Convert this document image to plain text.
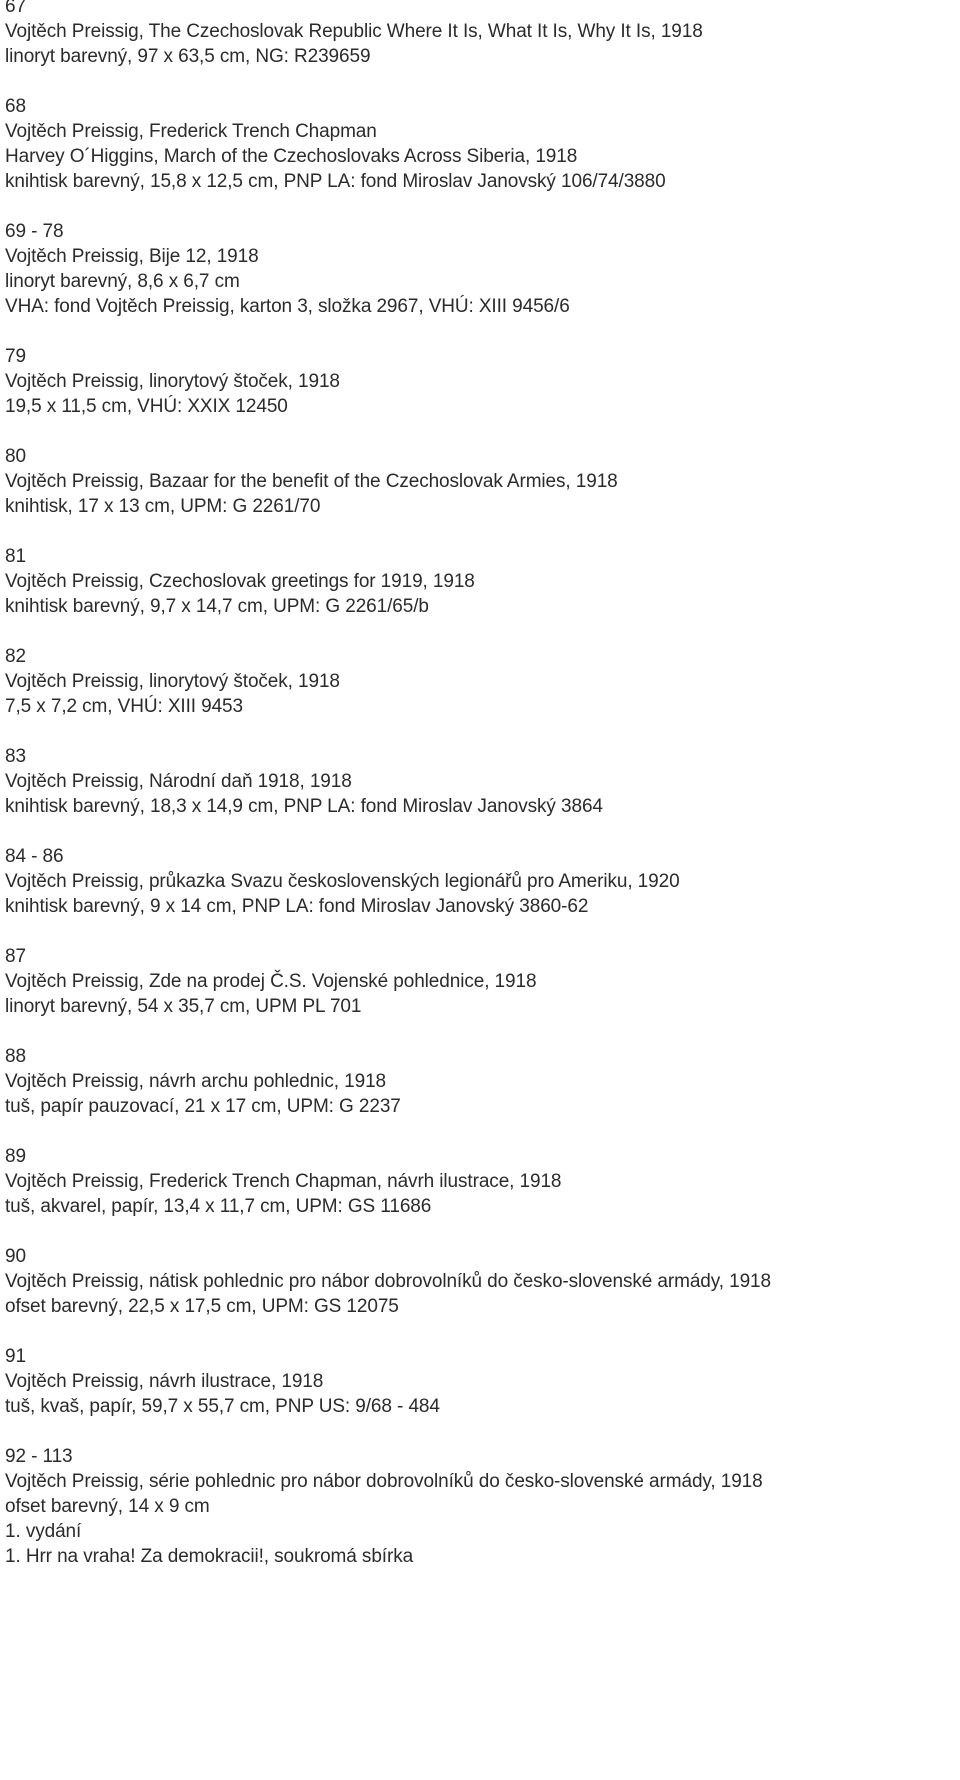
67
Vojtěch Preissig, The Czechoslovak Republic Where It Is, What It Is, Why It Is, 1918
linoryt barevný, 97 x 63,5 cm, NG: R239659
68
Vojtěch Preissig, Frederick Trench Chapman
Harvey O´Higgins, March of the Czechoslovaks Across Siberia, 1918
knihtisk barevný, 15,8 x 12,5 cm, PNP LA: fond Miroslav Janovský 106/74/3880
69 - 78
Vojtěch Preissig, Bije 12, 1918
linoryt barevný, 8,6 x 6,7 cm
VHA: fond Vojtěch Preissig, karton 3, složka 2967, VHÚ: XIII 9456/6
79
Vojtěch Preissig, linorytový štoček, 1918
19,5 x 11,5 cm, VHÚ: XXIX 12450
80
Vojtěch Preissig, Bazaar for the benefit of the Czechoslovak Armies, 1918
knihtisk, 17 x 13 cm, UPM: G 2261/70
81
Vojtěch Preissig, Czechoslovak greetings for 1919, 1918
knihtisk barevný, 9,7 x 14,7 cm, UPM: G 2261/65/b
82
Vojtěch Preissig, linorytový štoček, 1918
7,5 x 7,2 cm, VHÚ: XIII 9453
83
Vojtěch Preissig, Národní daň 1918, 1918
knihtisk barevný, 18,3 x 14,9 cm, PNP LA: fond Miroslav Janovský 3864
84 - 86
Vojtěch Preissig, průkazka Svazu československých legionářů pro Ameriku, 1920
knihtisk barevný, 9 x 14 cm, PNP LA: fond Miroslav Janovský 3860-62
87
Vojtěch Preissig, Zde na prodej Č.S. Vojenské pohlednice, 1918
linoryt barevný, 54 x 35,7 cm, UPM PL 701
88
Vojtěch Preissig, návrh archu pohlednic, 1918
tuš, papír pauzovací, 21 x 17 cm, UPM: G 2237
89
Vojtěch Preissig, Frederick Trench Chapman, návrh ilustrace, 1918
tuš, akvarel, papír, 13,4 x 11,7 cm, UPM: GS 11686
90
Vojtěch Preissig, nátisk pohlednic pro nábor dobrovolníků do česko-slovenské armády, 1918
ofset barevný, 22,5 x 17,5 cm, UPM: GS 12075
91
Vojtěch Preissig, návrh ilustrace, 1918
tuš, kvaš, papír, 59,7 x 55,7 cm, PNP US: 9/68 - 484
92 - 113
Vojtěch Preissig, série pohlednic pro nábor dobrovolníků do česko-slovenské armády, 1918
ofset barevný, 14 x 9 cm
1. vydání
1. Hrr na vraha! Za demokracii!, soukromá sbírka
